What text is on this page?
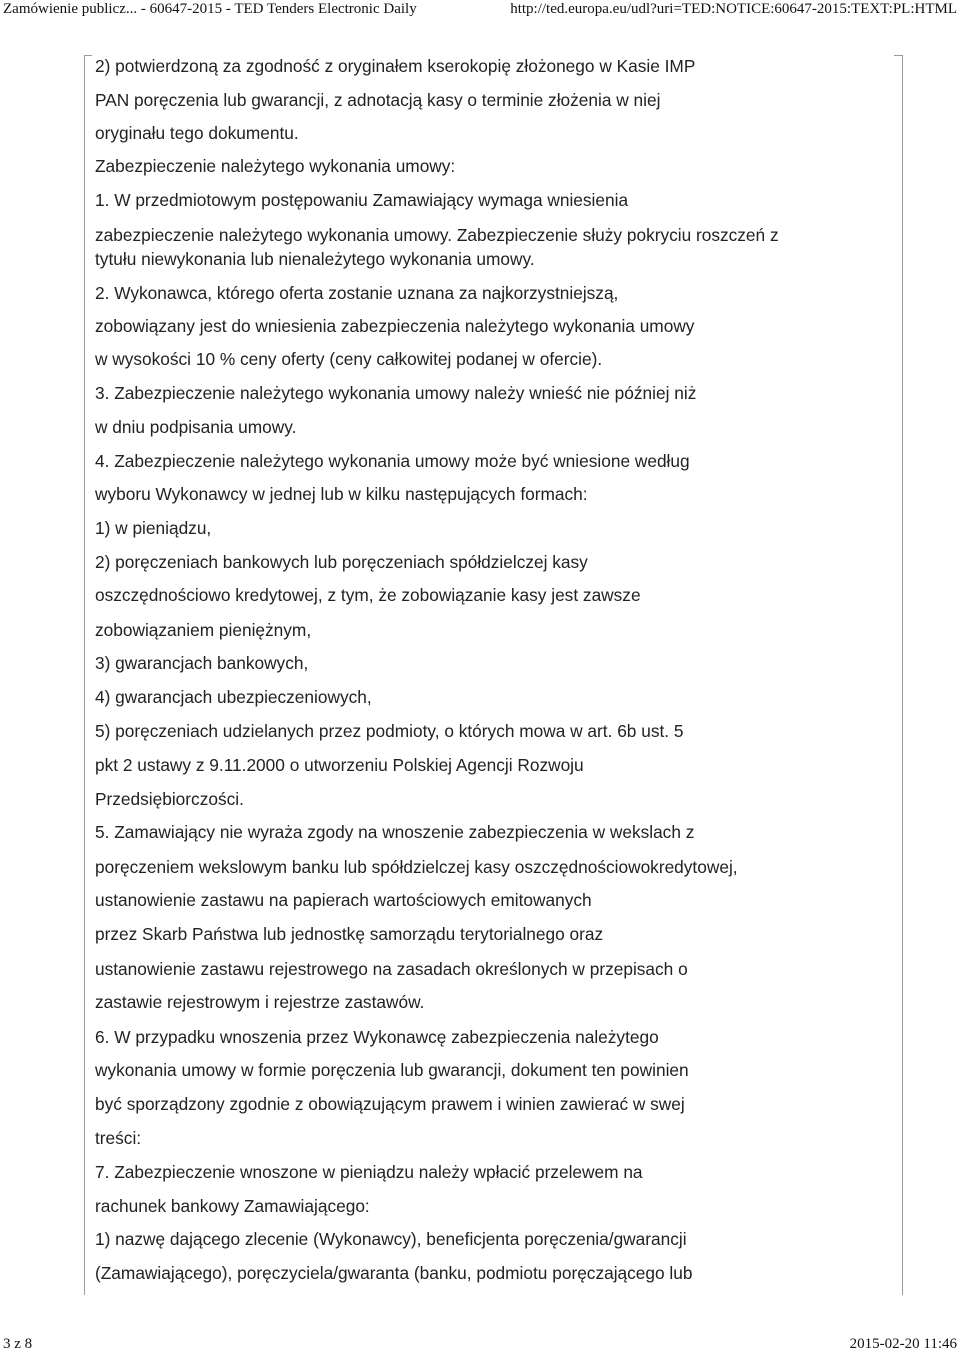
Zamówienie publicz... - 60647-2015 - TED Tenders Electronic Daily	http://ted.europa.eu/udl?uri=TED:NOTICE:60647-2015:TEXT:PL:HTML
2) potwierdzoną za zgodność z oryginałem kserokopię złożonego w Kasie IMP
PAN poręczenia lub gwarancji, z adnotacją kasy o terminie złożenia w niej
oryginału tego dokumentu.
Zabezpieczenie należytego wykonania umowy:
1. W przedmiotowym postępowaniu Zamawiający wymaga wniesienia
zabezpieczenie należytego wykonania umowy. Zabezpieczenie służy pokryciu roszczeń z
tytułu niewykonania lub nienależytego wykonania umowy.
2. Wykonawca, którego oferta zostanie uznana za najkorzystniejszą,
zobowiązany jest do wniesienia zabezpieczenia należytego wykonania umowy
w wysokości 10 % ceny oferty (ceny całkowitej podanej w ofercie).
3. Zabezpieczenie należytego wykonania umowy należy wnieść nie później niż
w dniu podpisania umowy.
4. Zabezpieczenie należytego wykonania umowy może być wniesione według
wyboru Wykonawcy w jednej lub w kilku następujących formach:
1) w pieniądzu,
2) poręczeniach bankowych lub poręczeniach spółdzielczej kasy
oszczędnościowo kredytowej, z tym, że zobowiązanie kasy jest zawsze
zobowiązaniem pieniężnym,
3) gwarancjach bankowych,
4) gwarancjach ubezpieczeniowych,
5) poręczeniach udzielanych przez podmioty, o których mowa w art. 6b ust. 5
pkt 2 ustawy z 9.11.2000 o utworzeniu Polskiej Agencji Rozwoju
Przedsiębiorczości.
5. Zamawiający nie wyraża zgody na wnoszenie zabezpieczenia w wekslach z
poręczeniem wekslowym banku lub spółdzielczej kasy oszczędnościowokredytowej,
ustanowienie zastawu na papierach wartościowych emitowanych
przez Skarb Państwa lub jednostkę samorządu terytorialnego oraz
ustanowienie zastawu rejestrowego na zasadach określonych w przepisach o
zastawie rejestrowym i rejestrze zastawów.
6. W przypadku wnoszenia przez Wykonawcę zabezpieczenia należytego
wykonania umowy w formie poręczenia lub gwarancji, dokument ten powinien
być sporządzony zgodnie z obowiązującym prawem i winien zawierać w swej
treści:
7. Zabezpieczenie wnoszone w pieniądzu należy wpłacić przelewem na
rachunek bankowy Zamawiającego:
1) nazwę dającego zlecenie (Wykonawcy), beneficjenta poręczenia/gwarancji
(Zamawiającego), poręczyciela/gwaranta (banku, podmiotu poręczającego lub
3 z 8	2015-02-20 11:46
